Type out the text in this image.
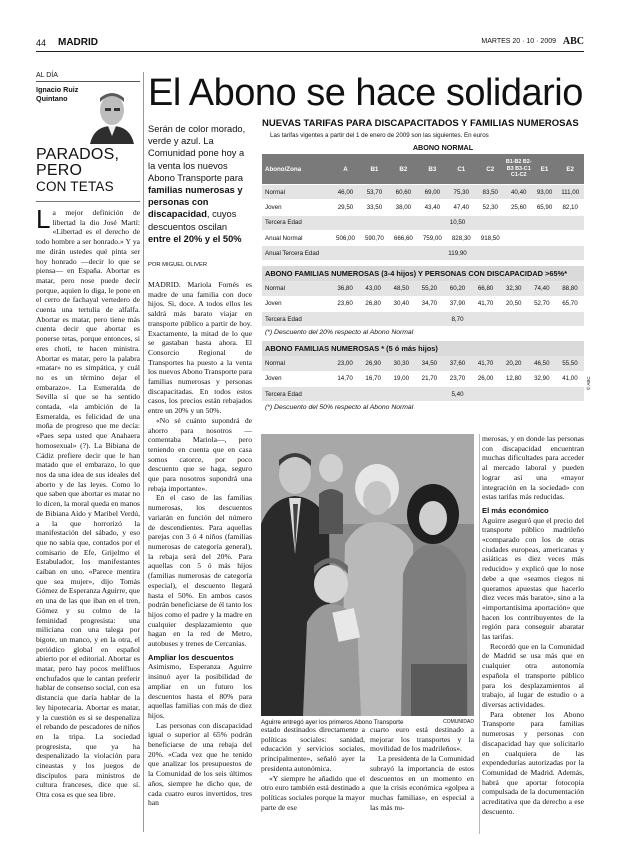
44 MADRID	MARTES 20 · 10 · 2009 ABC
AL DÍA
Ignacio Ruiz Quintano
PARADOS, PERO
CON TETAS
L a mejor definición de libertad la dio José Martí: «Libertad es el derecho de todo hombre a ser honrado.» Y ya me dirán ustedes qué pinta ser hoy honrado —decir lo que se piensa— en España. Abortar es matar, pero nose puede decir porque, aquien lo diga, le pone en el cerro de fachayal vertedero de cuenta una tertulia de alfalfa. Abortar es matar, pero tiene más cuenta decir que abortar es ponerse tetas, porque entonces, si eres chotí, te hacen ministra. Abortar es matar, pero la palabra «matar» no es simpática, y cuál no es un término dejar el embarazo». La Esmeralda de Sevilla sí que se ha sentido contada, «la ambición de la Esmeralda, es felicidad de una moña de progreso que me decía: «Paes sepa usted que Anahaera homosexual» (?). La Bibiana de Cádiz prefiere decir que le han matado que el embarazo, lo que nos da una idea de sus ideales del aborto y de las leyes. Como lo que saben que abortar es matar no lo dicen, la moral queda en manos de Bibiana Aído y Maribel Verdú, a la que horrorizó la manifestación del sábado, y eso que no sabía que, contados por el comisario de Efe, Grijelmo el Estabulador, los manifestantes caíban en uno. «Parece mentira que sea mujer», dijo Tomás Gómez de Esperanza Aguirre, que en una de las que iban en el tren, Gómez y su colmo de la feminidad progresista: una miliciana con una talega por bigote, un manco, y en la otra, el periódico global en español abierto por el editorial. Abortar es matar, pero hay pocos melífluos enchufados que le cantan preferir hablar de consenso social, con esa distancia que daría hablar de la ley hipotecaria. Abortar es matar, y la cuestión es si se despenaliza el rebando de pescadores de niños en la tripa. La sociedad progresista, que ya ha despenalizado la violación para cineastas y los juegos de discípulos para ministros de cultura franceses, dice que sí. Otra cosa es que sea libre.
El Abono se hace solidario
Serán de color morado, verde y azul. La Comunidad pone hoy a la venta los nuevos Abono Transporte para familias numerosas y personas con discapacidad, cuyos descuentos oscilan entre el 20% y el 50%
POR MIGUEL OLIVER

MADRID. Mariola Fornés es madre de una familia con doce hijos. Si, doce. A todos ellos les saldrá más barato viajar en transporte público a partir de hoy. Exactamente, la mitad de lo que se gastaban hasta ahora. El Consorcio Regional de Transportes ha puesto a la venta los nuevos Abono Transporte para familias numerosas y personas discapacitadas. En todos estos casos, los precios están rebajados entre un 20% y un 50%.

«No sé cuánto supondrá de ahorro para nosotros —comentaba Mariola—, pero teniendo en cuenta que en casa somos catorce, por poco descuento que se haga, seguro que para nosotros supondrá una rebaja importante».

En el caso de las familias numerosas, los descuentos variarán en función del número de descendientes. Para aquellas parejas con 3 ó 4 niños (familias numerosas de categoría general), la rebaja será del 20%. Para aquellas con 5 ó más hijos (familias numerosas de categoría especial), el descuento llegará hasta el 50%. En ambos casos podrán beneficiarse de él tanto los hijos como el padre y la madre en cualquier desplazamiento que hagan en la red de Metro, autobuses y trenes de Cercanías.

Ampliar los descuentos

Asimismo, Esperanza Aguirre insinuó ayer la posibilidad de ampliar en un futuro los descuentos hasta el 80% para aquellas familias con más de diez hijos.

Las personas con discapacidad igual o superior al 65% podrán beneficiarse de una rebaja del 20%. «Cada vez que he tenido que analizar los presupuestos de la Comunidad de los seis últimos años, siempre he dicho que, de cada cuatro euros invertidos, tres han

NUEVAS TARIFAS PARA DISCAPACITADOS Y FAMILIAS NUMEROSAS
Las tarifas vigentes a partir del 1 de enero de 2009 son las siguientes. En euros
ABONO NORMAL
Abono/Zona	A	B1	B2	B3	C1	C2	B1-B2 B2-B3 B3-C1 C1-C2	E1	E2
Normal	46,00	53,70	60,60	69,00	75,30	83,50	40,40	93,00	111,00
Joven	29,50	33,50	38,00	43,40	47,40	52,30	25,60	65,90	82,10
Tercera Edad	10,50								
Anual Normal	506,00	590,70	666,60	759,00	828,30	918,50			
Anual Tercera Edad	119,90								
ABONO FAMILIAS NUMEROSAS (3-4 hijos) Y PERSONAS CON DISCAPACIDAD >65%*
Normal	36,80	43,00	48,50	55,20	60,20	66,80	32,30	74,40	88,80
Joven	23,60	26,80	30,40	34,70	37,90	41,70	20,50	52,70	65,70
Tercera Edad	8,70								
(*) Descuento del 20% respecto al Abono Normal
ABONO FAMILIAS NUMEROSAS * (5 ó más hijos)
Normal	23,00	26,90	30,30	34,50	37,60	41,70	20,20	46,50	55,50
Joven	14,70	16,70	19,00	21,70	23,70	26,00	12,80	32,90	41,00
Tercera Edad	5,40								
(*) Descuento del 50% respecto al Abono Normal
© ABC
Aguirre entregó ayer los primeros Abono Transporte	COMUNIDAD

estado destinados directamente a políticas sociales: sanidad, educación y servicios sociales, principalmente», señaló ayer la presidenta autonómica.

«Y siempre he añadido que el otro euro también está destinado a políticas sociales porque la mayor parte de ese

cuarto euro está destinado a mejorar los transportes y la movilidad de los madrileños».

La presidenta de la Comunidad subrayó la importancia de estos descuentos en un momento en que la crisis económica «golpea a muchas familias», en especial a las más nu-

merosas, y en donde las personas con discapacidad encuentran muchas dificultades para acceder al mercado laboral y pueden lograr así una «mayor integración en la sociedad» con estas tarifas más reducidas.

El más económico

Aguirre aseguró que el precio del transporte público madrileño «comparado con los de otras ciudades europeas, americanas y asiáticas es diez veces más reducido» y explicó que lo nose debe a que «seamos ciegos ni queramos apuestas que hacerlo diez veces más barato», sino a la «importantísima aportación» que hacen los contribuyentes de la región para conseguir abaratar las tarifas.

Recordó que en la Comunidad de Madrid se usa más que en cualquier otra autonomía española el transporte público para los desplazamientos al trabajo, al lugar de estudio o a diversas actividades.

Para obtener los Abono Transporte para familias numerosas y personas con discapacidad hay que solicitarlo en cualquiera de las expendedurías autorizadas por la Comunidad de Madrid. Además, habrá que aportar fotocopia compulsada de la documentación acreditativa que da derecho a ese descuento.
